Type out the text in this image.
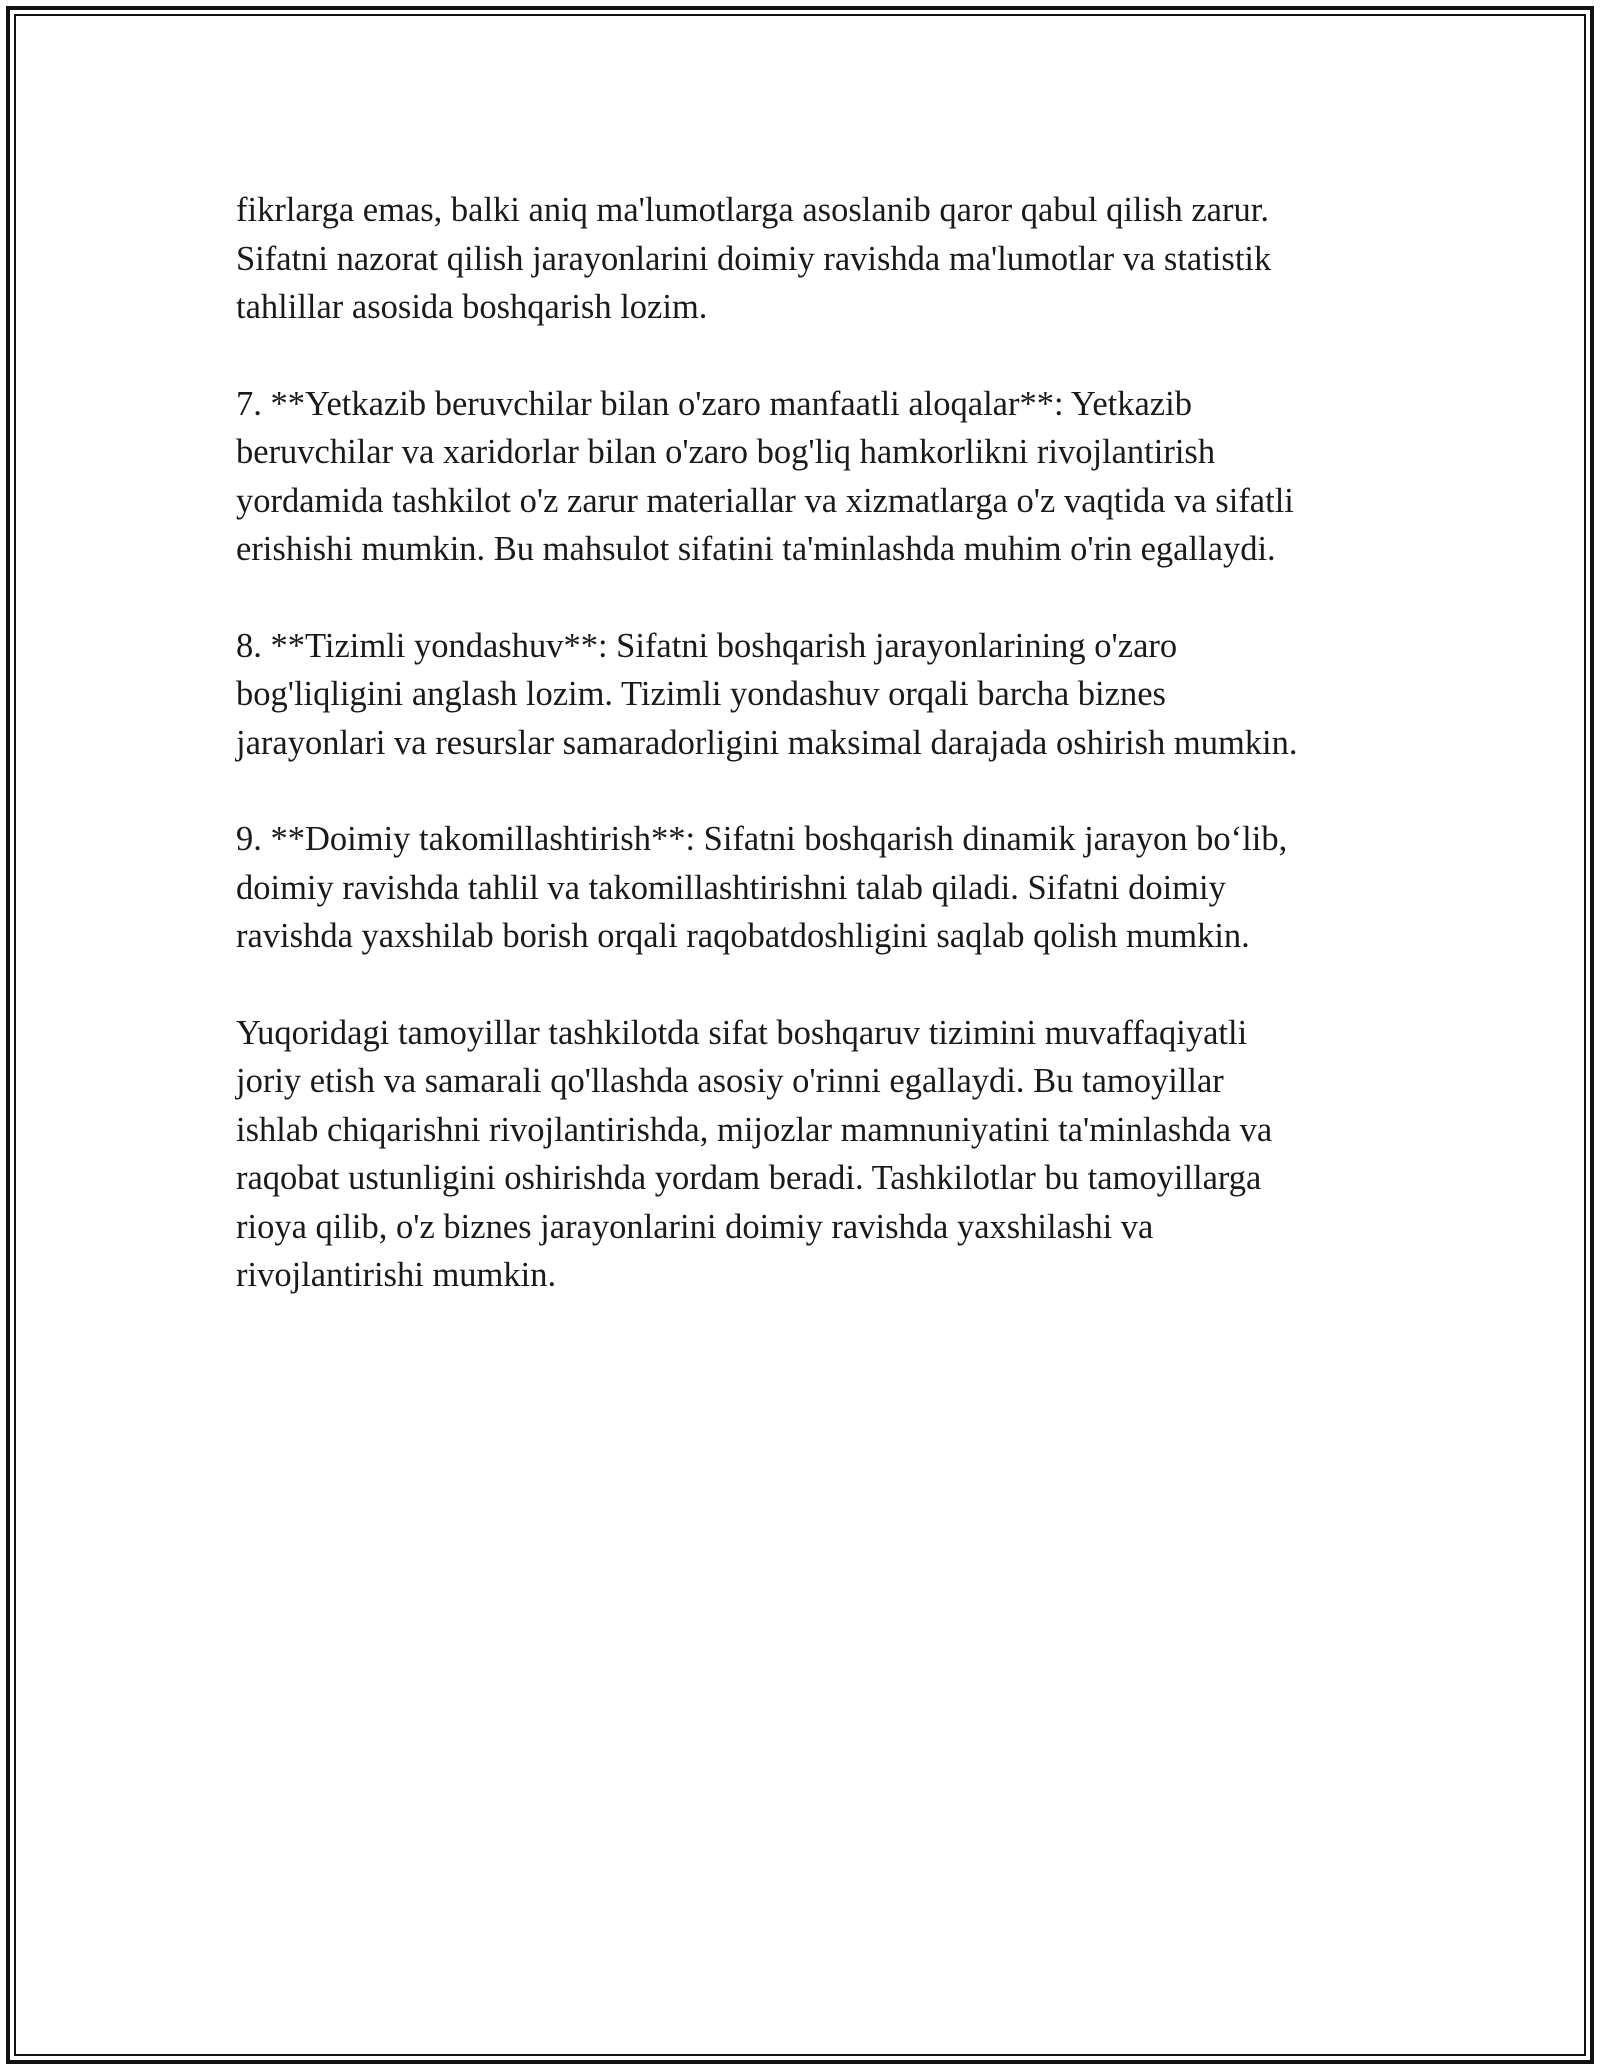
fikrlarga emas, balki aniq ma'lumotlarga asoslanib qaror qabul qilish zarur.
Sifatni nazorat qilish jarayonlarini doimiy ravishda ma'lumotlar va statistik
tahlillar asosida boshqarish lozim.

7. **Yetkazib beruvchilar bilan o'zaro manfaatli aloqalar**: Yetkazib
beruvchilar va xaridorlar bilan o'zaro bog'liq hamkorlikni rivojlantirish
yordamida tashkilot o'z zarur materiallar va xizmatlarga o'z vaqtida va sifatli
erishishi mumkin. Bu mahsulot sifatini ta'minlashda muhim o'rin egallaydi.

8. **Tizimli yondashuv**: Sifatni boshqarish jarayonlarining o'zaro
bog'liqligini anglash lozim. Tizimli yondashuv orqali barcha biznes
jarayonlari va resurslar samaradorligini maksimal darajada oshirish mumkin.

9. **Doimiy takomillashtirish**: Sifatni boshqarish dinamik jarayon bo‘lib,
doimiy ravishda tahlil va takomillashtirishni talab qiladi. Sifatni doimiy
ravishda yaxshilab borish orqali raqobatdoshligini saqlab qolish mumkin.

Yuqoridagi tamoyillar tashkilotda sifat boshqaruv tizimini muvaffaqiyatli
joriy etish va samarali qo'llashda asosiy o'rinni egallaydi. Bu tamoyillar
ishlab chiqarishni rivojlantirishda, mijozlar mamnuniyatini ta'minlashda va
raqobat ustunligini oshirishda yordam beradi. Tashkilotlar bu tamoyillarga
rioya qilib, o'z biznes jarayonlarini doimiy ravishda yaxshilashi va
rivojlantirishi mumkin.
